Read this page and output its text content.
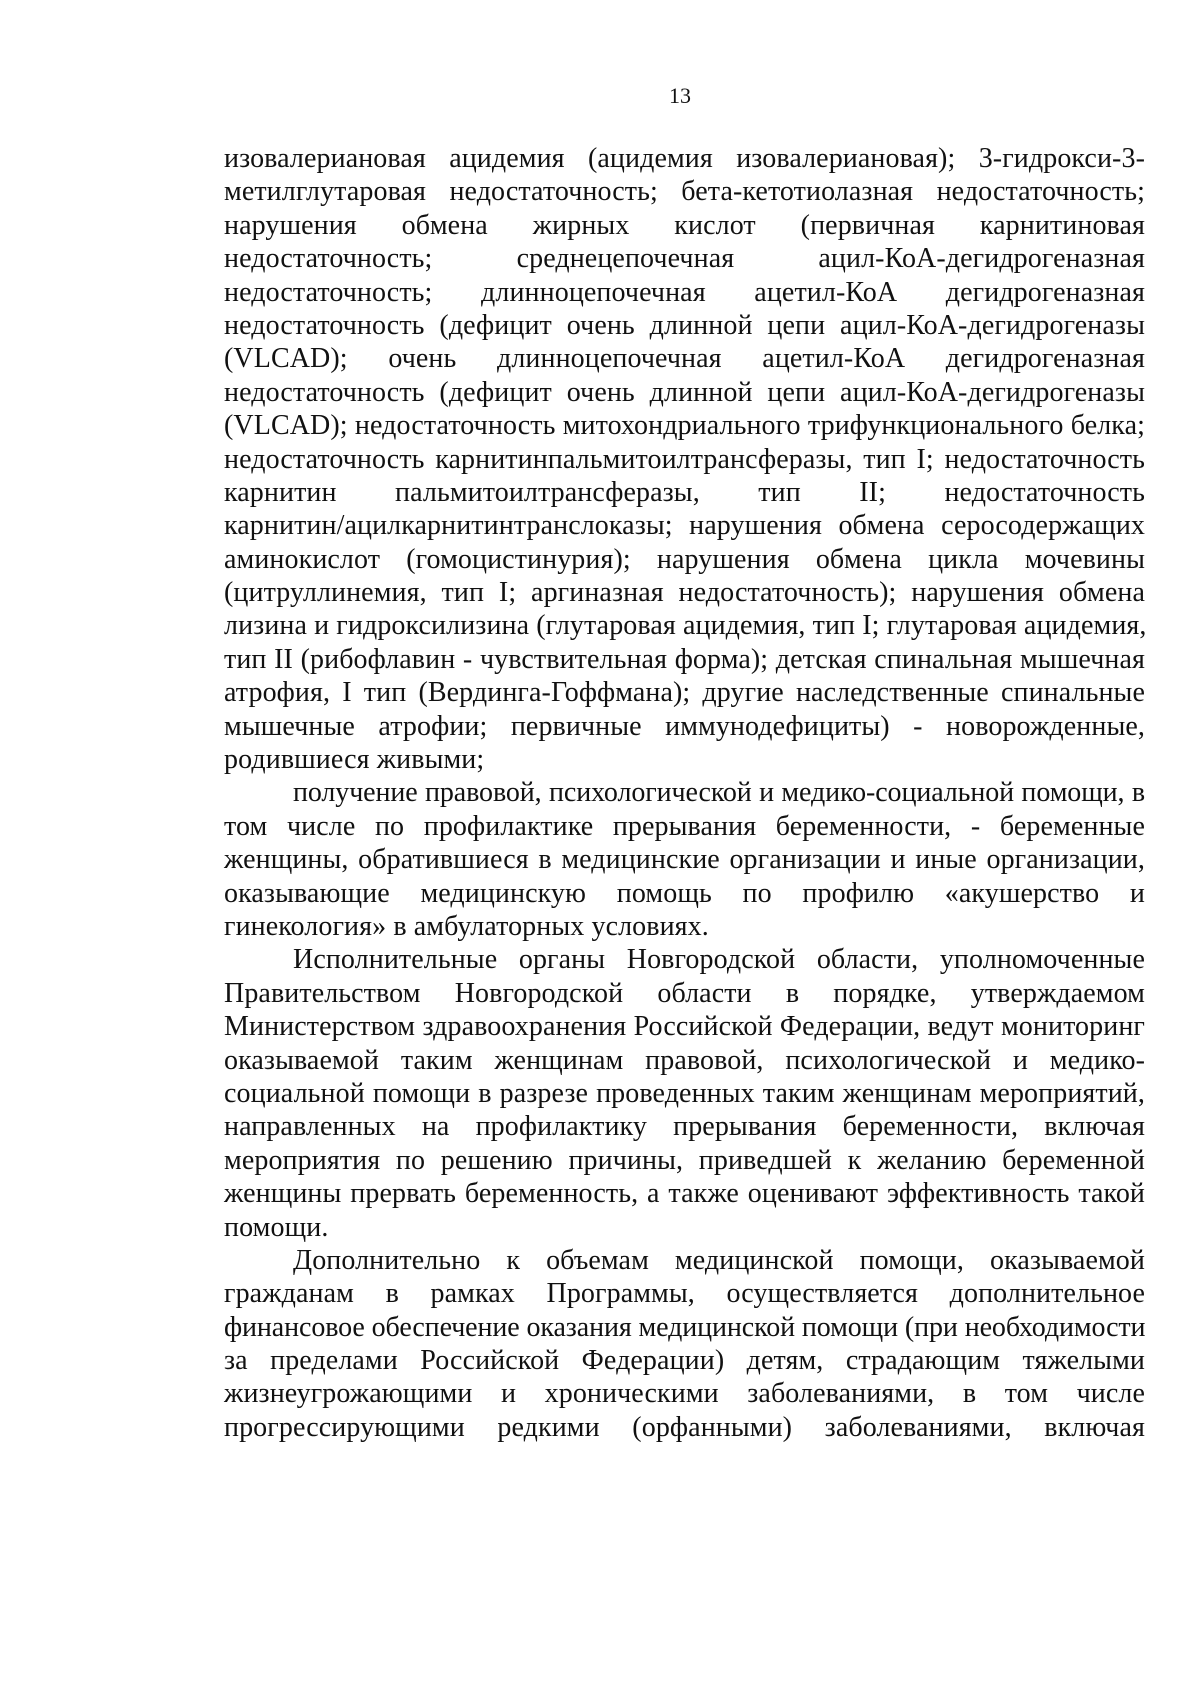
13
изовалериановая ацидемия (ацидемия изовалериановая); 3-гидрокси-3-
метилглутаровая недостаточность; бета-кетотиолазная недостаточность;
нарушения обмена жирных кислот (первичная карнитиновая
недостаточность; среднецепочечная ацил-КоА-дегидрогеназная
недостаточность; длинноцепочечная ацетил-КоА дегидрогеназная
недостаточность (дефицит очень длинной цепи ацил-КоА-дегидрогеназы
(VLCAD); очень длинноцепочечная ацетил-КоА дегидрогеназная
недостаточность (дефицит очень длинной цепи ацил-КоА-дегидрогеназы
(VLCAD); недостаточность митохондриального трифункционального белка;
недостаточность карнитинпальмитоилтрансферазы, тип I; недостаточность
карнитин пальмитоилтрансферазы, тип II; недостаточность
карнитин/ацилкарнитинтранслоказы; нарушения обмена серосодержащих
аминокислот (гомоцистинурия); нарушения обмена цикла мочевины
(цитруллинемия, тип I; аргиназная недостаточность); нарушения обмена
лизина и гидроксилизина (глутаровая ацидемия, тип I; глутаровая ацидемия,
тип II (рибофлавин - чувствительная форма); детская спинальная мышечная
атрофия, I тип (Вердинга-Гоффмана); другие наследственные спинальные
мышечные атрофии; первичные иммунодефициты) - новорожденные,
родившиеся живыми;
получение правовой, психологической и медико-социальной помощи, в
том числе по профилактике прерывания беременности, - беременные
женщины, обратившиеся в медицинские организации и иные организации,
оказывающие медицинскую помощь по профилю «акушерство и
гинекология» в амбулаторных условиях.
Исполнительные органы Новгородской области, уполномоченные
Правительством Новгородской области в порядке, утверждаемом
Министерством здравоохранения Российской Федерации, ведут мониторинг
оказываемой таким женщинам правовой, психологической и медико-
социальной помощи в разрезе проведенных таким женщинам мероприятий,
направленных на профилактику прерывания беременности, включая
мероприятия по решению причины, приведшей к желанию беременной
женщины прервать беременность, а также оценивают эффективность такой
помощи.
Дополнительно к объемам медицинской помощи, оказываемой
гражданам в рамках Программы, осуществляется дополнительное
финансовое обеспечение оказания медицинской помощи (при необходимости
за пределами Российской Федерации) детям, страдающим тяжелыми
жизнеугрожающими и хроническими заболеваниями, в том числе
прогрессирующими редкими (орфанными) заболеваниями, включая
